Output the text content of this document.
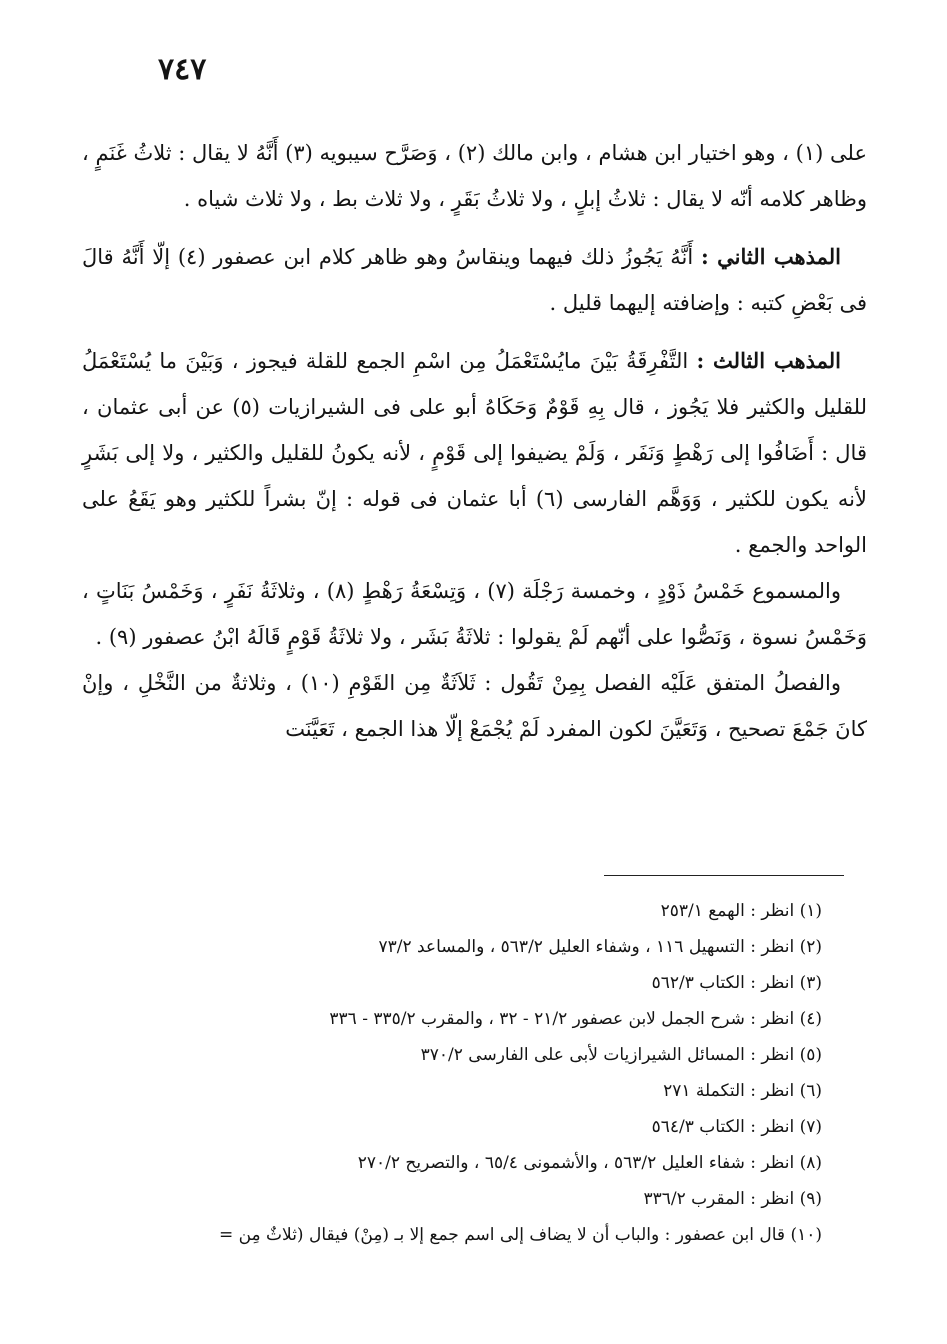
٧٤٧

على (١) ، وهو اختيار ابن هشام ، وابن مالك (٢) ، وَصَرَّح سيبويه (٣) أَنَّهُ لا يقال : ثلاثُ غَنَمٍ ، وظاهر كلامه أنّه لا يقال : ثلاثُ إبلٍ ، ولا ثلاثُ بَقَرٍ ، ولا ثلاث بط ، ولا ثلاث شياه .

المذهب الثاني : أَنَّهُ يَجُوزُ ذلك فيهما وينقاسُ وهو ظاهر كلام ابن عصفور (٤) إلّا أَنَّهُ قالَ فى بَعْضِ كتبه : وإضافته إليهما قليل .

المذهب الثالث : التَّفْرِقَةُ بَيْنَ مايُسْتَعْمَلُ مِن اسْمِ الجمع للقلة فيجوز ، وَبَيْنَ ما يُسْتَعْمَلُ للقليل والكثير فلا يَجُوز ، قال بِهِ قَوْمٌ وَحَكَاهُ أبو على فى الشيرازيات (٥) عن أبى عثمان ، قال : أَضَافُوا إلى رَهْطٍ وَنَفَر ، وَلَمْ يضيفوا إلى قَوْمٍ ، لأنه يكونُ للقليل والكثير ، ولا إلى بَشَرٍ لأنه يكون للكثير ، وَوَهَّم الفارسى (٦) أبا عثمان فى قوله : إنّ بشراً للكثير وهو يَقَعُ على الواحد والجمع .

والمسموع خَمْسُ ذَوْدٍ ، وخمسة رَجْلَة (٧) ، وَتِسْعَةُ رَهْطٍ (٨) ، وثلاثَةُ نَفَرٍ ، وَخَمْسُ بَنَاتٍ ، وَخَمْسُ نسوة ، وَنَصُّوا على أنّهم لَمْ يقولوا : ثلاثَةُ بَشَر ، ولا ثلاثَةُ قَوْمٍ قَالَهُ ابْنُ عصفور (٩) .

والفصلُ المتفق عَلَيْه الفصل بِمِنْ تَقُول : ثَلاَثَةٌ مِن القَوْمِ (١٠) ، وثلاثةٌ من النَّخْلِ ، وإنْ كانَ جَمْعَ تصحيح ، وَتَعَيَّنَ لكون المفرد لَمْ يُجْمَعْ إلّا هذا الجمع ، تَعَيَّنَت

(١) انظر : الهمع ٢٥٣/١
(٢) انظر : التسهيل ١١٦ ، وشفاء العليل ٥٦٣/٢ ، والمساعد ٧٣/٢
(٣) انظر : الكتاب ٥٦٢/٣
(٤) انظر : شرح الجمل لابن عصفور ٢١/٢ - ٣٢ ، والمقرب ٣٣٥/٢ - ٣٣٦
(٥) انظر : المسائل الشيرازيات لأبى على الفارسى ٣٧٠/٢
(٦) انظر : التكملة ٢٧١
(٧) انظر : الكتاب ٥٦٤/٣
(٨) انظر : شفاء العليل ٥٦٣/٢ ، والأشمونى ٦٥/٤ ، والتصريح ٢٧٠/٢
(٩) انظر : المقرب ٣٣٦/٢
(١٠) قال ابن عصفور : والباب أن لا يضاف إلى اسم جمع إلا بـ (مِنْ) فيقال (ثلاثٌ مِن =
